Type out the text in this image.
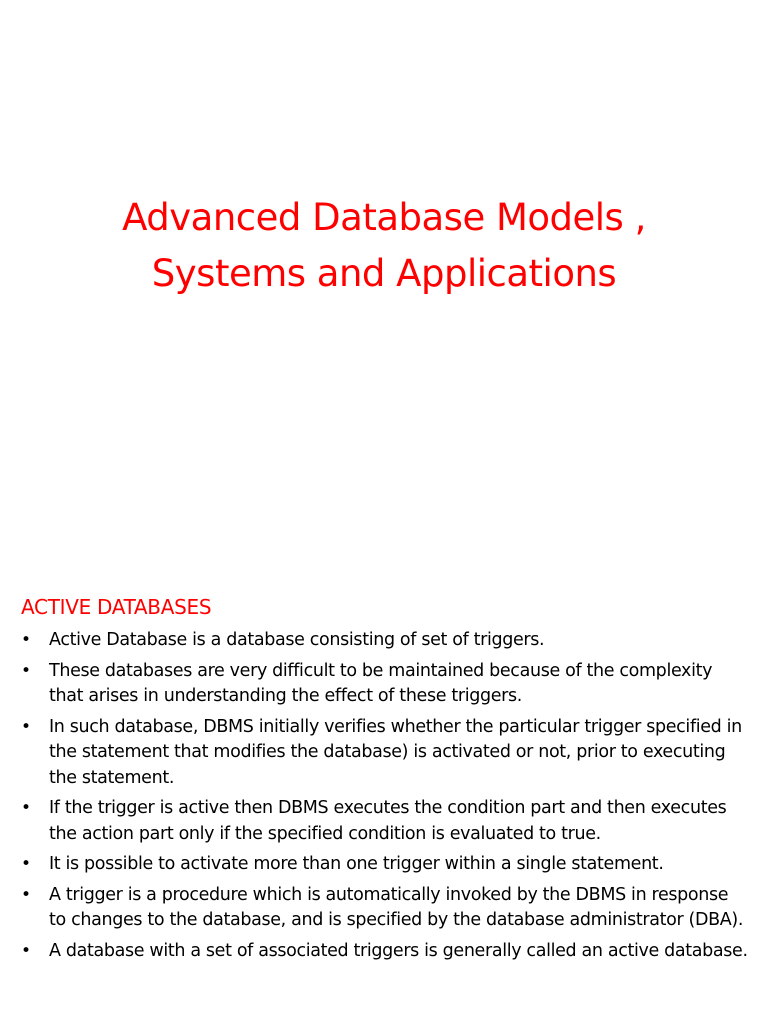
Advanced Database Models ,
Systems and Applications
ACTIVE DATABASES
• Active Database is a database consisting of set of triggers.
• These databases are very difficult to be maintained because of the complexity that arises in understanding the effect of these triggers.
• In such database, DBMS initially verifies whether the particular trigger specified in the statement that modifies the database) is activated or not, prior to executing the statement.
• If the trigger is active then DBMS executes the condition part and then executes the action part only if the specified condition is evaluated to true.
• It is possible to activate more than one trigger within a single statement.
• A trigger is a procedure which is automatically invoked by the DBMS in response to changes to the database, and is specified by the database administrator (DBA).
• A database with a set of associated triggers is generally called an active database.
